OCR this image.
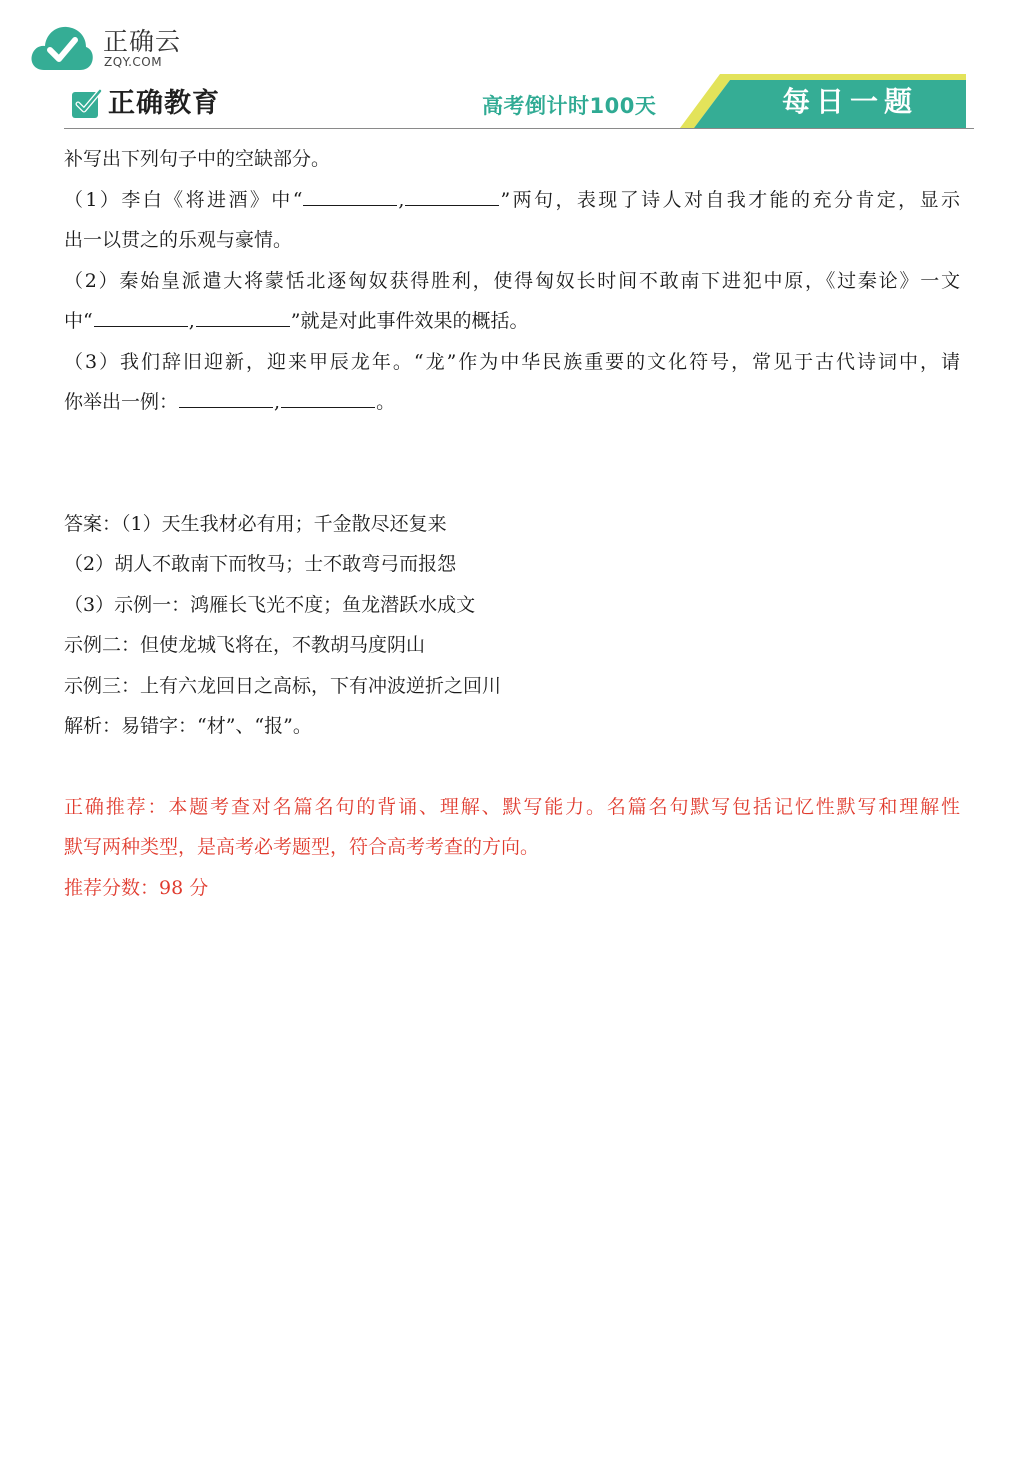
正确云
ZQY.COM
正确教育	高考倒计时100天	每日一题
补写出下列句子中的空缺部分。
（1）李白《将进酒》中“	,	”两句，表现了诗人对自我才能的充分肯定，显示
出一以贯之的乐观与豪情。
（2）秦始皇派遣大将蒙恬北逐匈奴获得胜利，使得匈奴长时间不敢南下进犯中原，《过秦论》一文
中“	,	”就是对此事件效果的概括。
（3）我们辞旧迎新，迎来甲辰龙年。“龙”作为中华民族重要的文化符号，常见于古代诗词中，请
你举出一例：	,	。
答案：（1）天生我材必有用；千金散尽还复来
（2）胡人不敢南下而牧马；士不敢弯弓而报怨
（3）示例一：鸿雁长飞光不度；鱼龙潜跃水成文
示例二：但使龙城飞将在，不教胡马度阴山
示例三：上有六龙回日之高标，下有冲波逆折之回川
解析：易错字：“材”、“报”。
正确推荐：本题考查对名篇名句的背诵、理解、默写能力。名篇名句默写包括记忆性默写和理解性
默写两种类型，是高考必考题型，符合高考考查的方向。
推荐分数：98 分
